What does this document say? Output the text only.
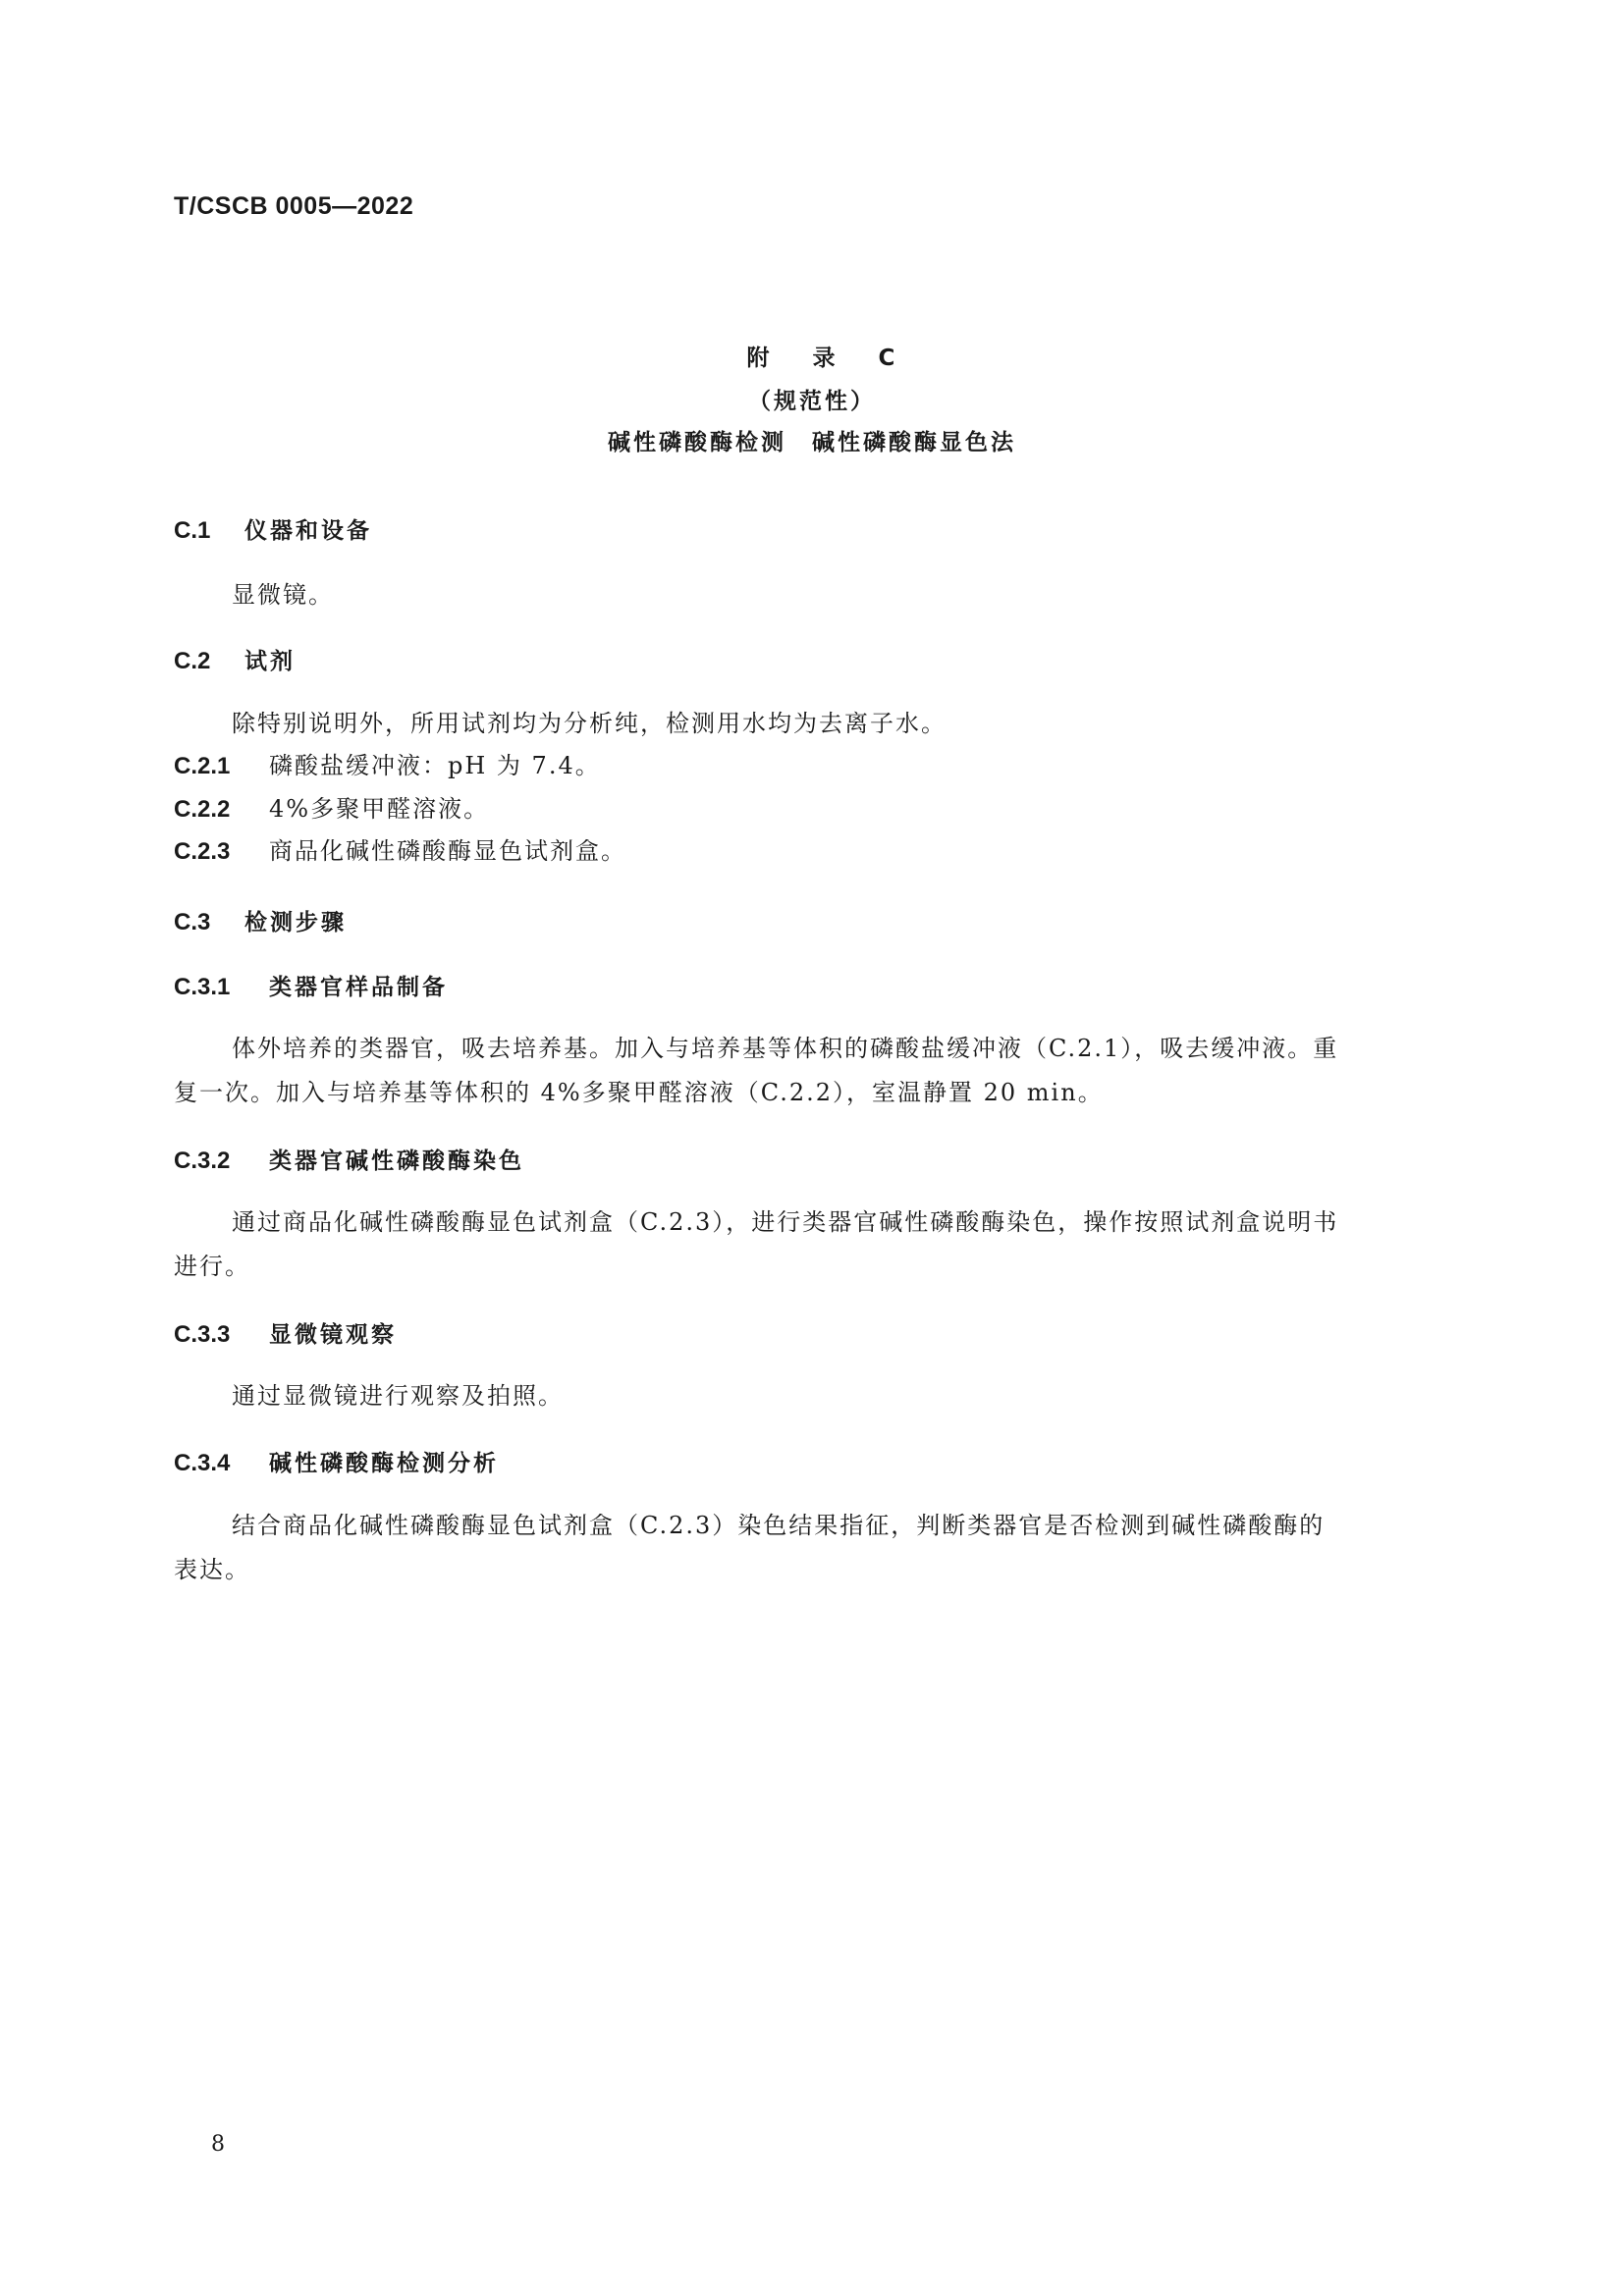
T/CSCB 0005—2022
附 录 C
（规范性）
碱性磷酸酶检测　碱性磷酸酶显色法
C.1 仪器和设备
显微镜。
C.2 试剂
除特别说明外，所用试剂均为分析纯，检测用水均为去离子水。
C.2.1 磷酸盐缓冲液：pH 为 7.4。
C.2.2 4%多聚甲醛溶液。
C.2.3 商品化碱性磷酸酶显色试剂盒。
C.3 检测步骤
C.3.1 类器官样品制备
体外培养的类器官，吸去培养基。加入与培养基等体积的磷酸盐缓冲液（C.2.1），吸去缓冲液。重
复一次。加入与培养基等体积的 4%多聚甲醛溶液（C.2.2），室温静置 20 min。
C.3.2 类器官碱性磷酸酶染色
通过商品化碱性磷酸酶显色试剂盒（C.2.3），进行类器官碱性磷酸酶染色，操作按照试剂盒说明书
进行。
C.3.3 显微镜观察
通过显微镜进行观察及拍照。
C.3.4 碱性磷酸酶检测分析
结合商品化碱性磷酸酶显色试剂盒（C.2.3）染色结果指征，判断类器官是否检测到碱性磷酸酶的
表达。
8
